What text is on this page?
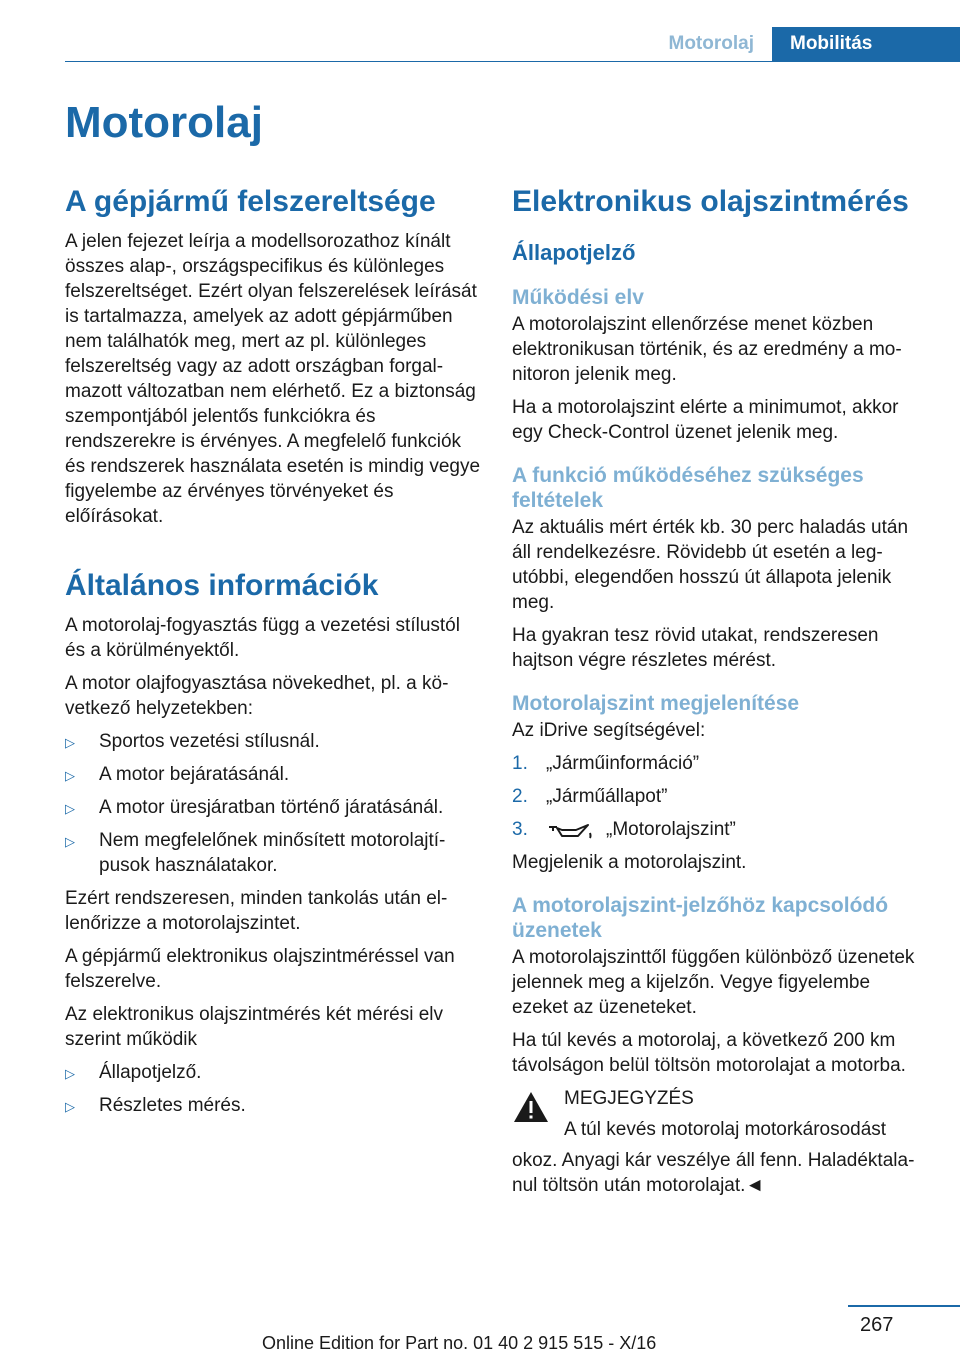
Motorolaj	Mobilitás
Motorolaj
A gépjármű felszereltsége

A jelen fejezet leírja a modellsorozathoz kínált összes alap-, országspecifikus és különleges felszereltséget. Ezért olyan felszerelések leírását is tartalmazza, amelyek az adott gépjárműben nem találhatók meg, mert az pl. különleges felszereltség vagy az adott országban forgalmazott változatban nem elérhető. Ez a biztonság szempontjából jelentős funkciókra és rendszerekre is érvényes. A megfelelő funkciók és rendszerek használata esetén is mindig vegye figyelembe az érvényes törvényeket és előírásokat.

Általános információk

A motorolaj-fogyasztás függ a vezetési stílustól és a körülményektől.

A motor olajfogyasztása növekedhet, pl. a következő helyzetekben:

▷ Sportos vezetési stílusnál.
▷ A motor bejáratásánál.
▷ A motor üresjáratban történő járatásánál.
▷ Nem megfelelőnek minősített motorolajtípusok használatakor.

Ezért rendszeresen, minden tankolás után ellenőrizze a motorolajszintet.

A gépjármű elektronikus olajszintméréssel van felszerelve.

Az elektronikus olajszintmérés két mérési elv szerint működik

▷ Állapotjelző.
▷ Részletes mérés.
Elektronikus olajszintmérés
Állapotjelző
Működési elv

A motorolajszint ellenőrzése menet közben elektronikusan történik, és az eredmény a monitoron jelenik meg.

Ha a motorolajszint elérte a minimumot, akkor egy Check-Control üzenet jelenik meg.

A funkció működéséhez szükséges feltételek

Az aktuális mért érték kb. 30 perc haladás után áll rendelkezésre. Rövidebb út esetén a legutóbbi, elegendően hosszú út állapota jelenik meg.

Ha gyakran tesz rövid utakat, rendszeresen hajtson végre részletes mérést.

Motorolajszint megjelenítése

Az iDrive segítségével:

1. „Járműinformáció”
2. „Járműállapot”
3.	„Motorolajszint”

Megjelenik a motorolajszint.

A motorolajszint-jelzőhöz kapcsolódó üzenetek

A motorolajszinttől függően különböző üzenetek jelennek meg a kijelzőn. Vegye figyelembe ezeket az üzeneteket.

Ha túl kevés a motorolaj, a következő 200 km távolságon belül töltsön motorolajat a motorba.

MEGJEGYZÉS

A túl kevés motorolaj motorkárosodást

okoz. Anyagi kár veszélye áll fenn. Haladéktalanul töltsön után motorolajat.◄

267
Online Edition for Part no. 01 40 2 915 515 - X/16
